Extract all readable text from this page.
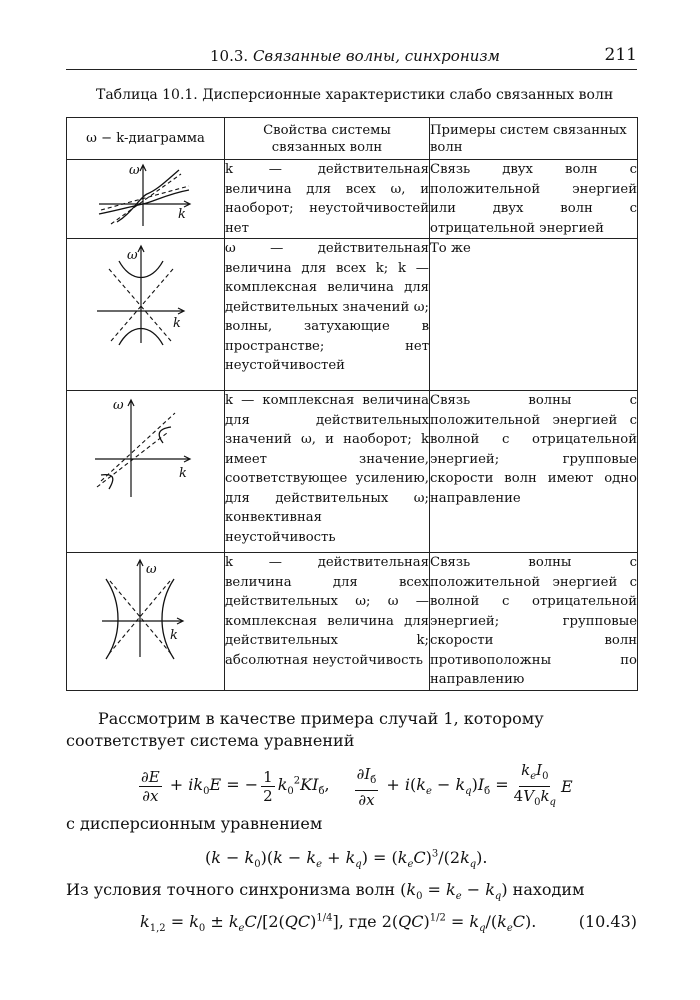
10.3. Связанные волны, синхронизм	211
Таблица 10.1. Дисперсионные характеристики слабо связанных волн
ω − k-диаграмма	Свойства системы связанных волн	Примеры систем связанных волн

ω
k	k — действительная величина для всех ω, и наоборот; неустойчивостей нет	Связь двух волн с положительной энергией или двух волн с отрицательной энергией

ω
k	ω — действительная величина для всех k; k — комплексная величина для действительных значений ω; волны, затухающие в пространстве; нет неустойчивостей	То же

ω
k	k — комплексная величина для действительных значений ω, и наоборот; k имеет значение, соответствующее усилению, для действительных ω; конвективная неустойчивость	Связь волны с положительной энергией с волной с отрицательной энергией; групповые скорости волн имеют одно направление

ω
k	k — действительная величина для всех действительных ω; ω — комплексная величина для действительных k; абсолютная неустойчивость	Связь волны с положительной энергией с волной с отрицательной энергией; групповые скорости волн противоположны по направлению
Рассмотрим в качестве примера случай 1, которому соответствует система уравнений
$\frac{\partial E}{\partial x} + ik_0E$ = − $\frac{1}{2} k_0^2KI_б$, $\frac{\partial I_б}{\partial x} + i(k_e - k_q)I_б = \frac{k_eI_0}{4V_0k_q}$ E
с дисперсионным уравнением
$(k - k_0)(k - k_e + k_q) = (k_eC)^3/(2k_q)$.
Из условия точного синхронизма волн $(k_0 = k_e - k_q)$ находим
$k_{1,2} = k_0 \pm k_eC/[2(QC)^{1/4}]$, где $2(QC)^{1/2} = k_q/(k_eC)$.	(10.43)
